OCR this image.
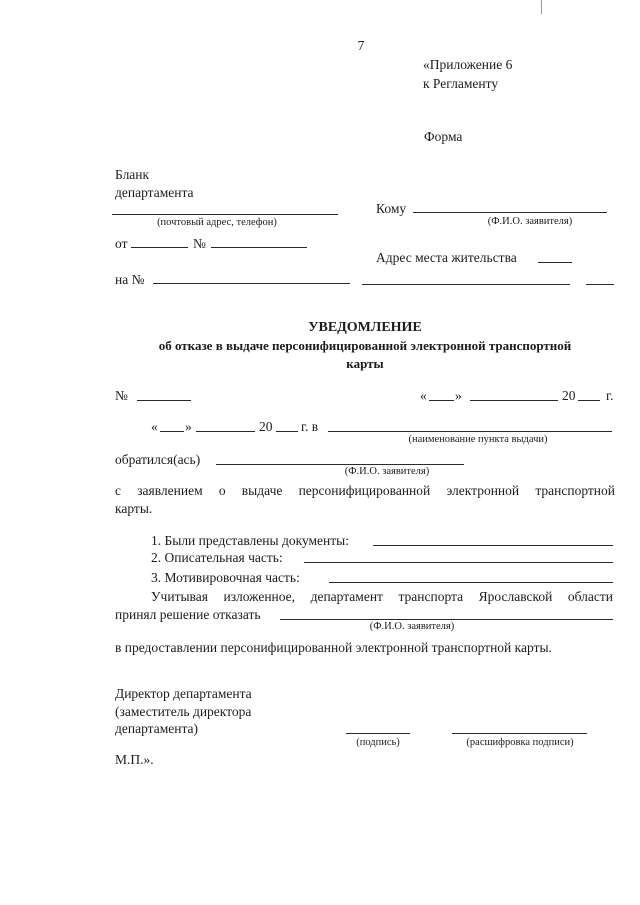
7
«Приложение 6
к Регламенту
Форма
Бланк
департамента
(почтовый адрес, телефон)
от	№
на №
Кому
(Ф.И.О. заявителя)
Адрес места жительства
УВЕДОМЛЕНИЕ
об отказе в выдаче персонифицированной электронной транспортной
карты
№	« »	20 г.
« »	20 г. в
(наименование пункта выдачи)
обратился(ась)
(Ф.И.О. заявителя)
с заявлением о выдаче персонифицированной электронной транспортной
карты.
1. Были представлены документы:
2. Описательная часть:
3. Мотивировочная часть:
Учитывая изложенное, департамент транспорта Ярославской области
принял решение отказать
(Ф.И.О. заявителя)
в предоставлении персонифицированной электронной транспортной карты.
Директор департамента
(заместитель директора
департамента)
(подпись)	(расшифровка подписи)
М.П.».
